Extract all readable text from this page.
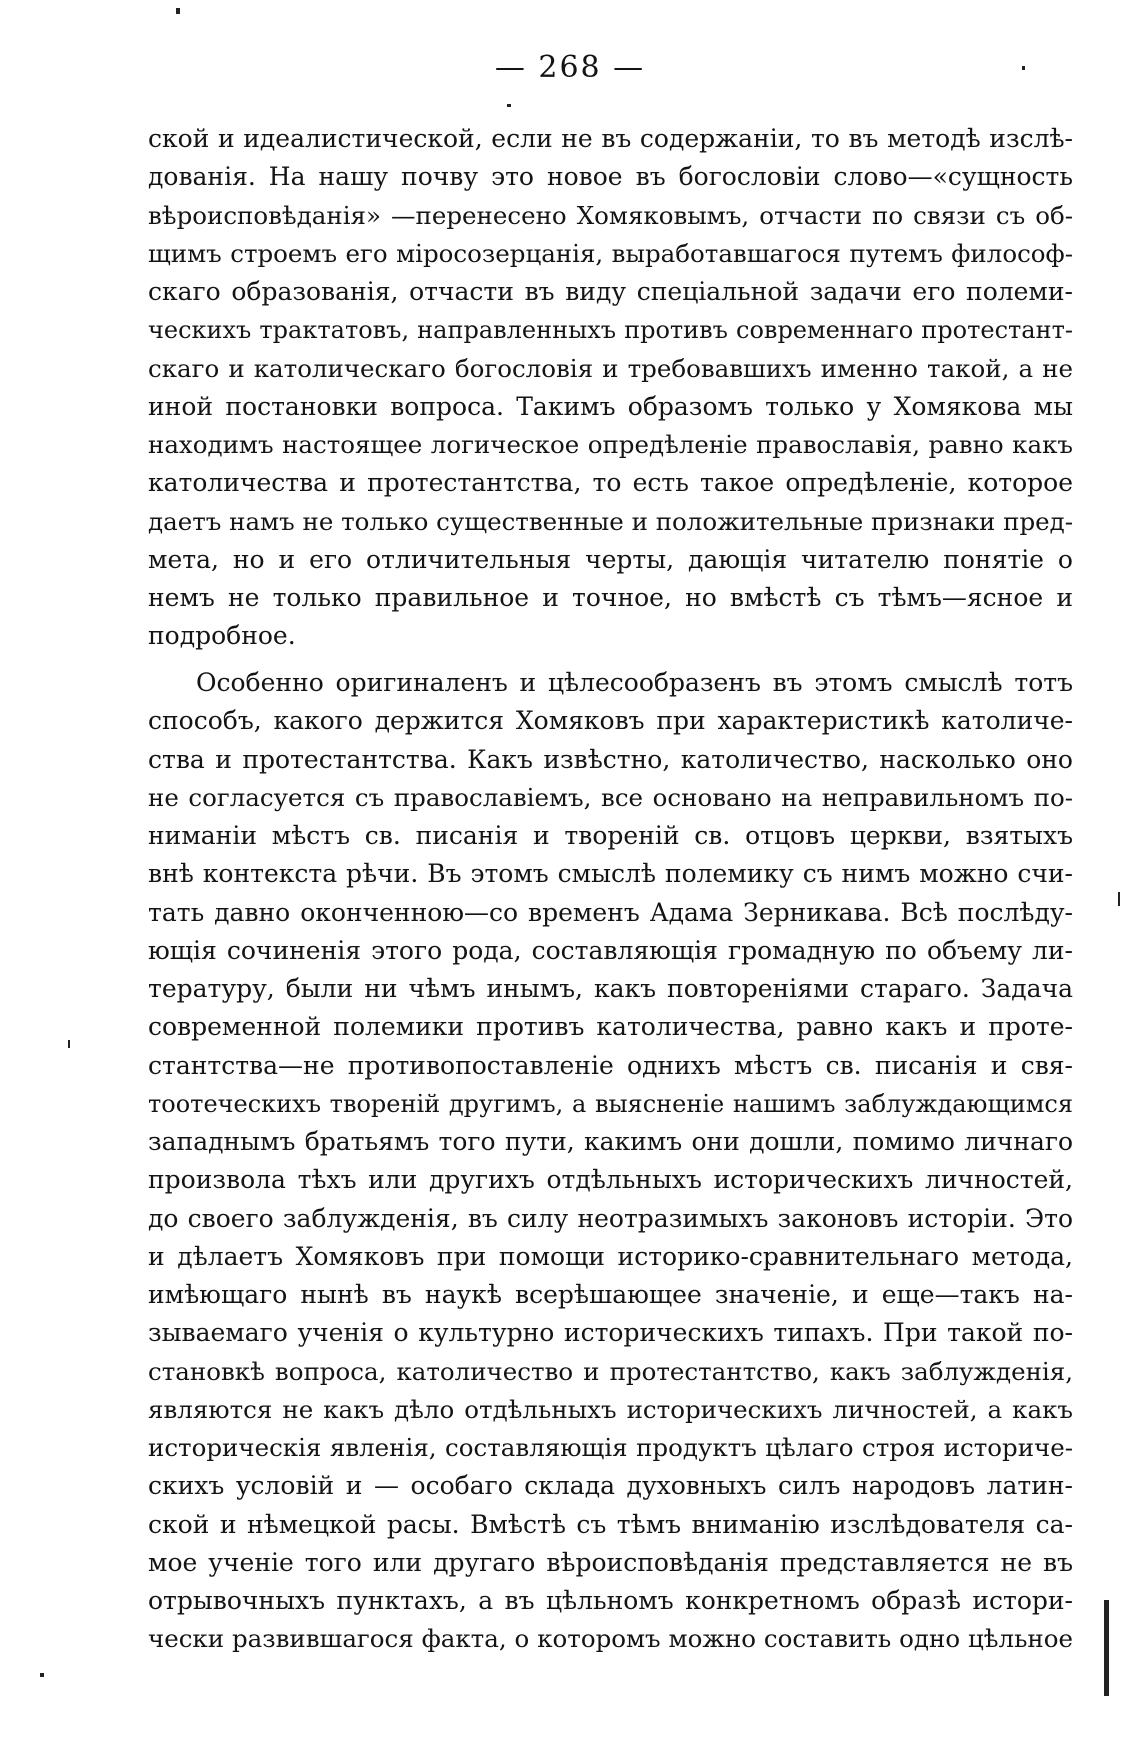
— 268 —
ской и идеалистической, если не въ содержанiи, то въ методѣ изслѣ-
дованiя. На нашу почву это новое въ богословiи слово—«сущность
вѣроисповѣданiя» —перенесено Хомяковымъ, отчасти по связи съ об-
щимъ строемъ его мiросозерцанiя, выработавшагося путемъ философ-
скаго образованiя, отчасти въ виду спецiальной задачи его полеми-
ческихъ трактатовъ, направленныхъ противъ современнаго протестант-
скаго и католическаго богословiя и требовавшихъ именно такой, а не
иной постановки вопроса. Такимъ образомъ только у Хомякова мы
находимъ настоящее логическое опредѣленiе православiя, равно какъ
католичества и протестантства, то есть такое опредѣленiе, которое
даетъ намъ не только существенные и положительные признаки пред-
мета, но и его отличительныя черты, дающiя читателю понятiе о
немъ не только правильное и точное, но вмѣстѣ съ тѣмъ—ясное и
подробное.
Особенно оригиналенъ и цѣлесообразенъ въ этомъ смыслѣ тотъ
способъ, какого держится Хомяковъ при характеристикѣ католиче-
ства и протестантства. Какъ извѣстно, католичество, насколько оно
не согласуется съ православiемъ, все основано на неправильномъ по-
ниманiи мѣстъ св. писанiя и творенiй св. отцовъ церкви, взятыхъ
внѣ контекста рѣчи. Въ этомъ смыслѣ полемику съ нимъ можно счи-
тать давно оконченною—со временъ Адама Зерникава. Всѣ послѣду-
ющiя сочиненiя этого рода, составляющiя громадную по объему ли-
тературу, были ни чѣмъ инымъ, какъ повторенiями стараго. Задача
современной полемики противъ католичества, равно какъ и проте-
стантства—не противопоставленiе однихъ мѣстъ св. писанiя и свя-
тоотеческихъ творенiй другимъ, а выясненiе нашимъ заблуждающимся
западнымъ братьямъ того пути, какимъ они дошли, помимо личнаго
произвола тѣхъ или другихъ отдѣльныхъ историческихъ личностей,
до своего заблужденiя, въ силу неотразимыхъ законовъ исторiи. Это
и дѣлаетъ Хомяковъ при помощи историко-сравнительнаго метода,
имѣющаго нынѣ въ наукѣ всерѣшающее значенiе, и еще—такъ на-
зываемаго ученiя о культурно историческихъ типахъ. При такой по-
становкѣ вопроса, католичество и протестантство, какъ заблужденiя,
являются не какъ дѣло отдѣльныхъ историческихъ личностей, а какъ
историческiя явленiя, составляющiя продуктъ цѣлаго строя историче-
скихъ условiй и — особаго склада духовныхъ силъ народовъ латин-
ской и нѣмецкой расы. Вмѣстѣ съ тѣмъ вниманiю изслѣдователя са-
мое ученiе того или другаго вѣроисповѣданiя представляется не въ
отрывочныхъ пунктахъ, а въ цѣльномъ конкретномъ образѣ истори-
чески развившагося факта, о которомъ можно составить одно цѣльное
